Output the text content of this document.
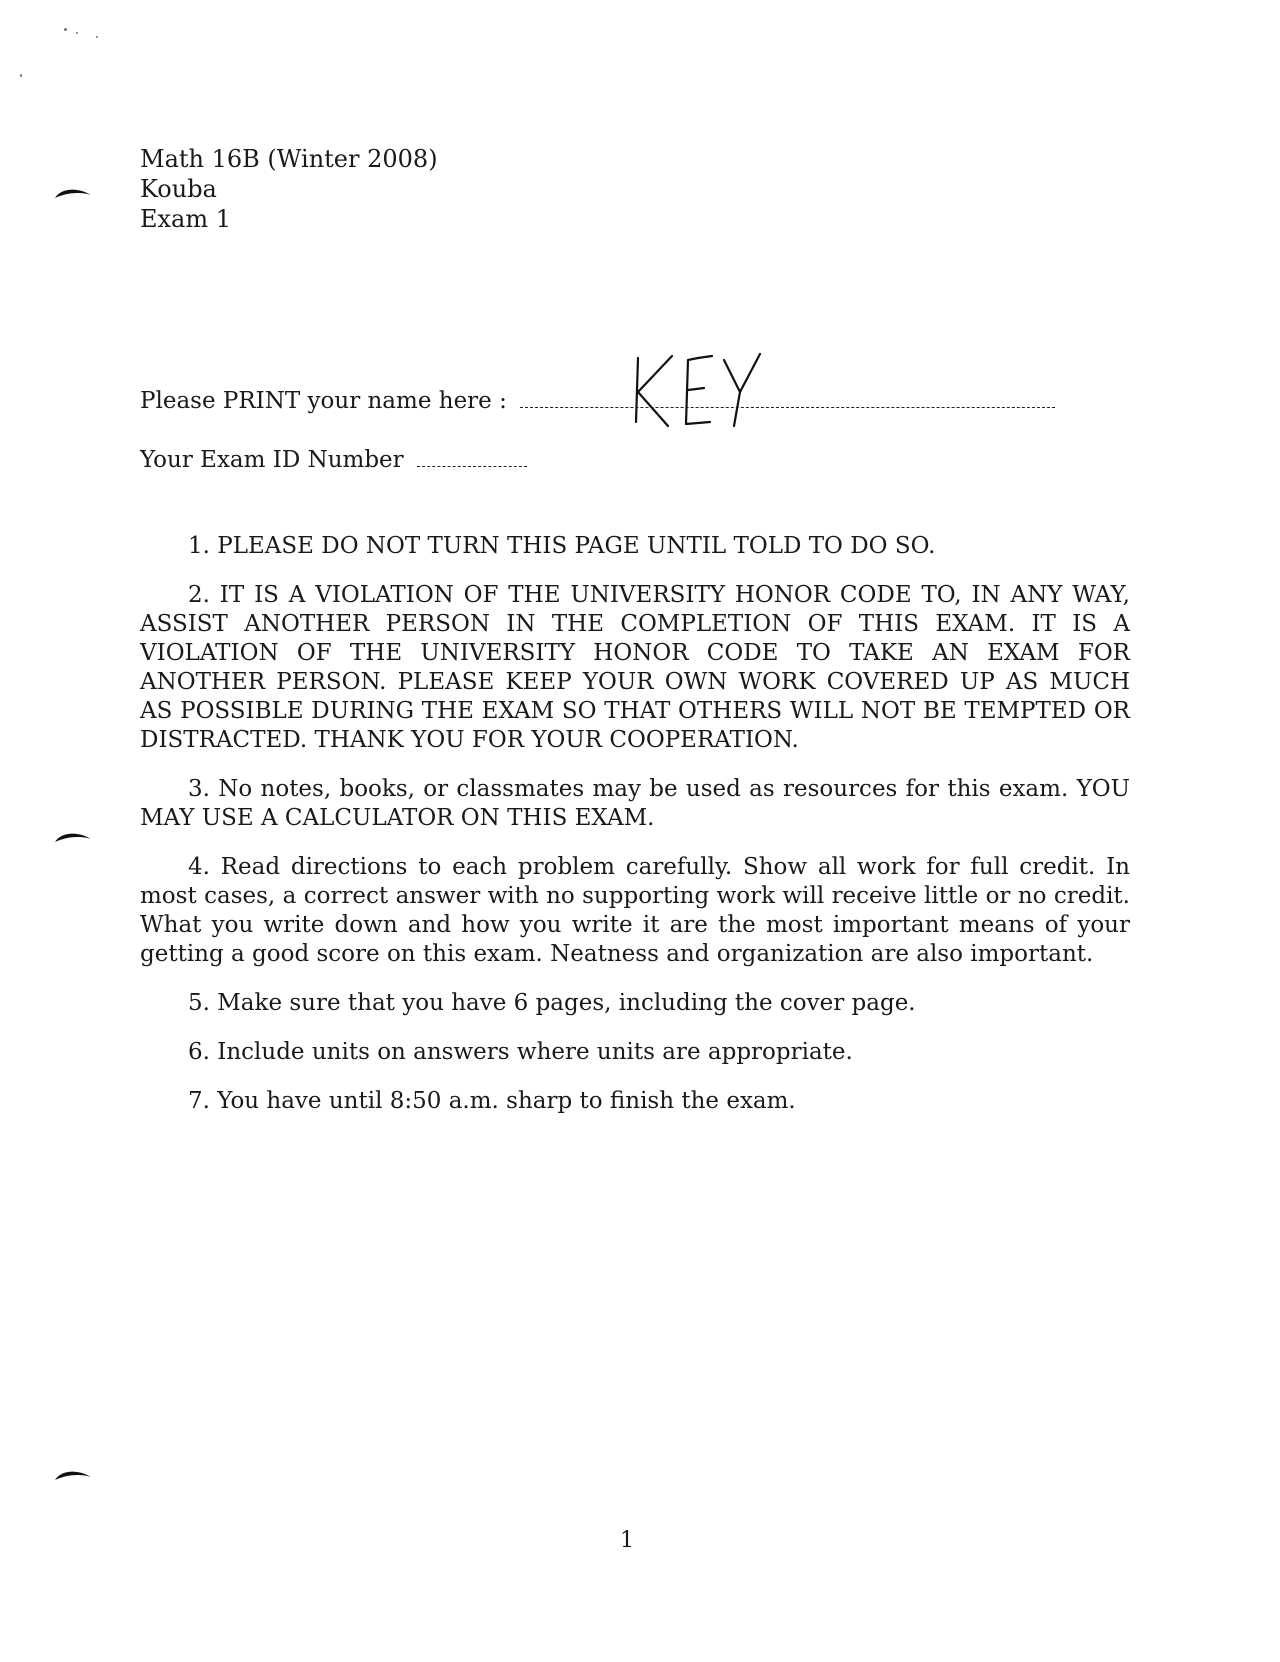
Math 16B (Winter 2008)
Kouba
Exam 1
Please PRINT your name here :
Your Exam ID Number

1. PLEASE DO NOT TURN THIS PAGE UNTIL TOLD TO DO SO.

2. IT IS A VIOLATION OF THE UNIVERSITY HONOR CODE TO, IN ANY WAY, ASSIST ANOTHER PERSON IN THE COMPLETION OF THIS EXAM. IT IS A VIOLATION OF THE UNIVERSITY HONOR CODE TO TAKE AN EXAM FOR ANOTHER PERSON. PLEASE KEEP YOUR OWN WORK COVERED UP AS MUCH AS POSSIBLE DURING THE EXAM SO THAT OTHERS WILL NOT BE TEMPTED OR DISTRACTED. THANK YOU FOR YOUR COOPERATION.

3. No notes, books, or classmates may be used as resources for this exam. YOU MAY USE A CALCULATOR ON THIS EXAM.

4. Read directions to each problem carefully. Show all work for full credit. In most cases, a correct answer with no supporting work will receive little or no credit. What you write down and how you write it are the most important means of your getting a good score on this exam. Neatness and organization are also important.

5. Make sure that you have 6 pages, including the cover page.

6. Include units on answers where units are appropriate.

7. You have until 8:50 a.m. sharp to finish the exam.

1
